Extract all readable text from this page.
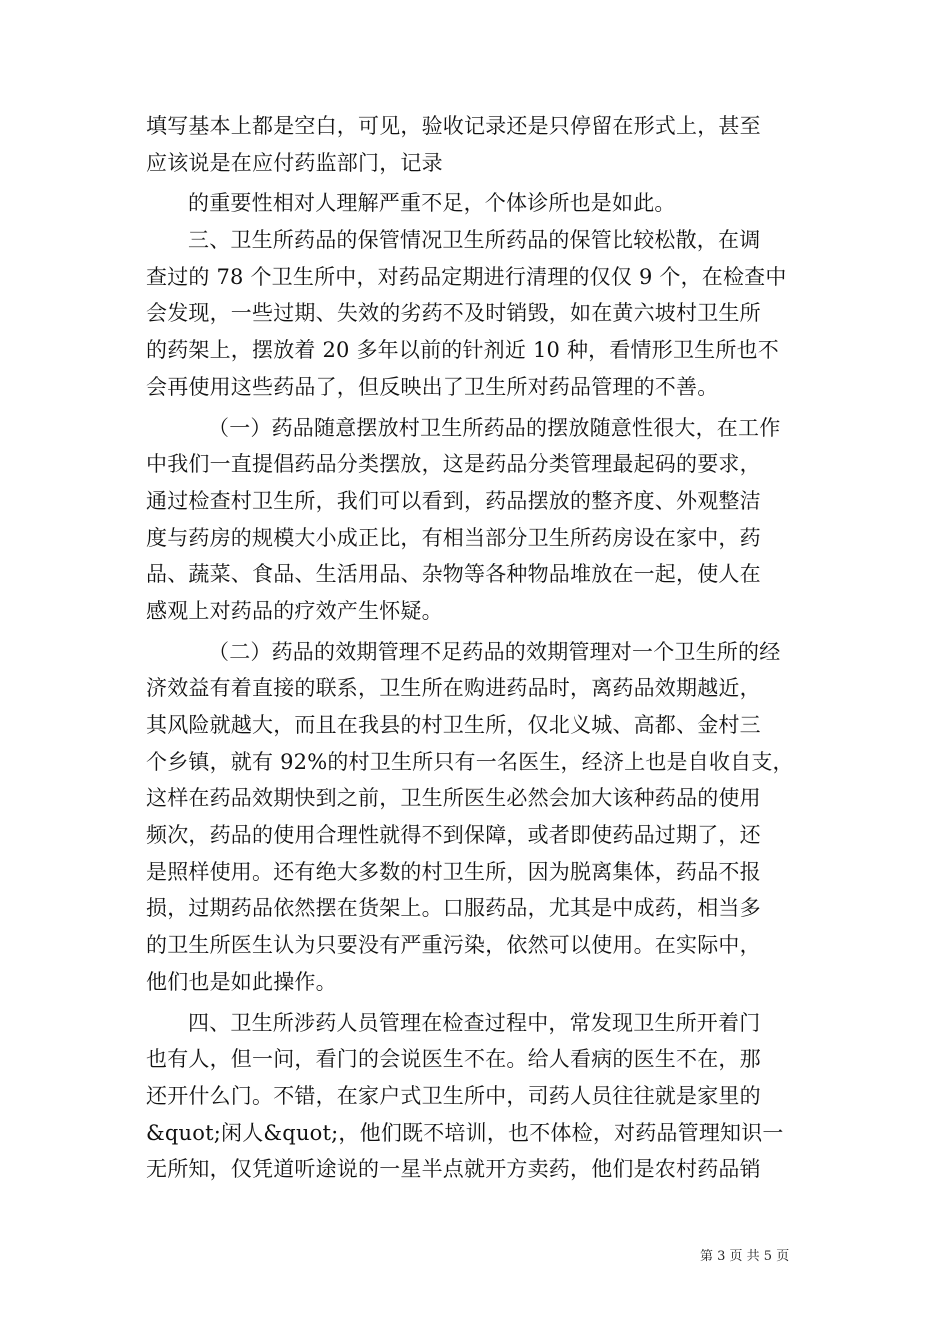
填写基本上都是空白，可见，验收记录还是只停留在形式上，甚至
应该说是在应付药监部门，记录
的重要性相对人理解严重不足，个体诊所也是如此。
三、卫生所药品的保管情况卫生所药品的保管比较松散，在调
查过的 78 个卫生所中，对药品定期进行清理的仅仅 9 个，在检查中
会发现，一些过期、失效的劣药不及时销毁，如在黄六坡村卫生所
的药架上，摆放着 20 多年以前的针剂近 10 种，看情形卫生所也不
会再使用这些药品了，但反映出了卫生所对药品管理的不善。
（一）药品随意摆放村卫生所药品的摆放随意性很大，在工作
中我们一直提倡药品分类摆放，这是药品分类管理最起码的要求，
通过检查村卫生所，我们可以看到，药品摆放的整齐度、外观整洁
度与药房的规模大小成正比，有相当部分卫生所药房设在家中，药
品、蔬菜、食品、生活用品、杂物等各种物品堆放在一起，使人在
感观上对药品的疗效产生怀疑。
（二）药品的效期管理不足药品的效期管理对一个卫生所的经
济效益有着直接的联系，卫生所在购进药品时，离药品效期越近，
其风险就越大，而且在我县的村卫生所，仅北义城、高都、金村三
个乡镇，就有 92%的村卫生所只有一名医生，经济上也是自收自支，
这样在药品效期快到之前，卫生所医生必然会加大该种药品的使用
频次，药品的使用合理性就得不到保障，或者即使药品过期了，还
是照样使用。还有绝大多数的村卫生所，因为脱离集体，药品不报
损，过期药品依然摆在货架上。口服药品，尤其是中成药，相当多
的卫生所医生认为只要没有严重污染，依然可以使用。在实际中，
他们也是如此操作。
四、卫生所涉药人员管理在检查过程中，常发现卫生所开着门
也有人，但一问，看门的会说医生不在。给人看病的医生不在，那
还开什么门。不错，在家户式卫生所中，司药人员往往就是家里的
&quot;闲人&quot;，他们既不培训，也不体检，对药品管理知识一
无所知，仅凭道听途说的一星半点就开方卖药，他们是农村药品销
第 3 页 共 5 页
